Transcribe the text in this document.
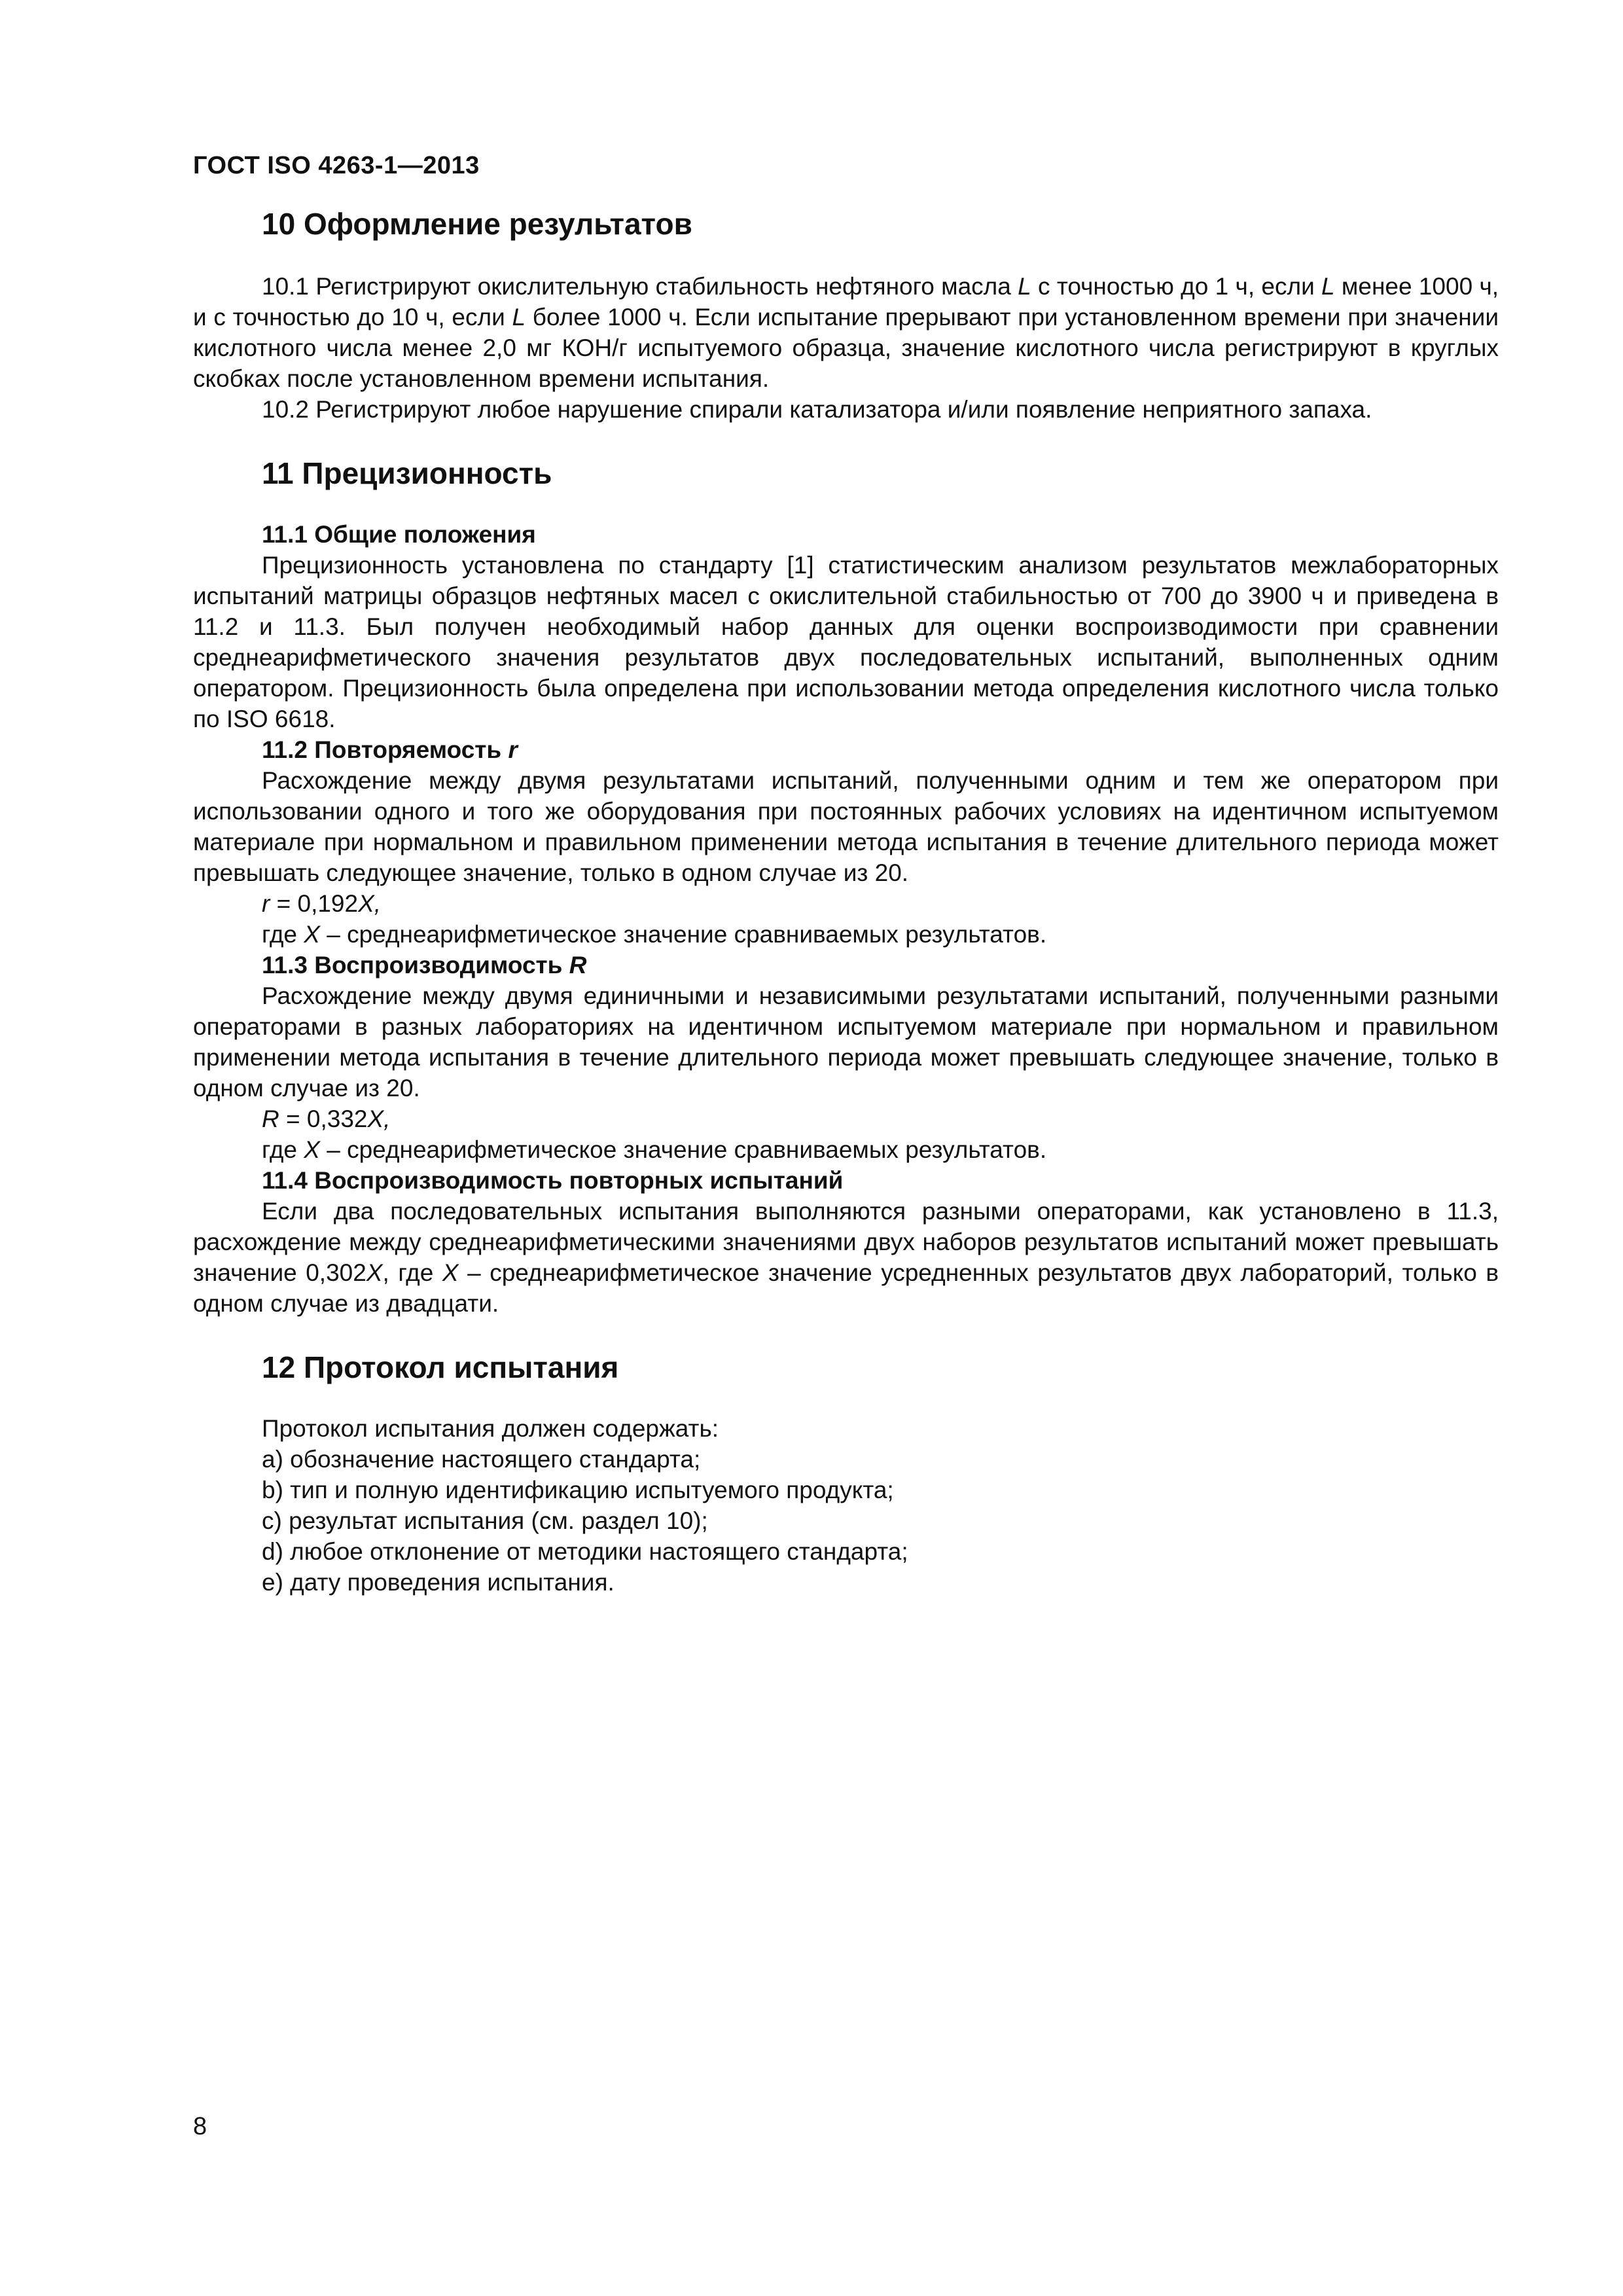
ГОСТ ISO 4263-1—2013
10 Оформление результатов

10.1 Регистрируют окислительную стабильность нефтяного масла L с точностью до 1 ч, если L менее 1000 ч, и с точностью до 10 ч, если L более 1000 ч. Если испытание прерывают при установленном времени при значении кислотного числа менее 2,0 мг КОН/г испытуемого образца, значение кислотного числа регистрируют в круглых скобках после установленном времени испытания.

10.2 Регистрируют любое нарушение спирали катализатора и/или появление неприятного запаха.

11 Прецизионность
11.1 Общие положения

Прецизионность установлена по стандарту [1] статистическим анализом результатов межлабораторных испытаний матрицы образцов нефтяных масел с окислительной стабильностью от 700 до 3900 ч и приведена в 11.2 и 11.3. Был получен необходимый набор данных для оценки воспроизводимости при сравнении среднеарифметического значения результатов двух последовательных испытаний, выполненных одним оператором. Прецизионность была определена при использовании метода определения кислотного числа только по ISO 6618.

11.2 Повторяемость r

Расхождение между двумя результатами испытаний, полученными одним и тем же оператором при использовании одного и того же оборудования при постоянных рабочих условиях на идентичном испытуемом материале при нормальном и правильном применении метода испытания в течение длительного периода может превышать следующее значение, только в одном случае из 20.

r = 0,192X,
где X – среднеарифметическое значение сравниваемых результатов.
11.3 Воспроизводимость R

Расхождение между двумя единичными и независимыми результатами испытаний, полученными разными операторами в разных лабораториях на идентичном испытуемом материале при нормальном и правильном применении метода испытания в течение длительного периода может превышать следующее значение, только в одном случае из 20.

R = 0,332X,
где X – среднеарифметическое значение сравниваемых результатов.
11.4 Воспроизводимость повторных испытаний

Если два последовательных испытания выполняются разными операторами, как установлено в 11.3, расхождение между среднеарифметическими значениями двух наборов результатов испытаний может превышать значение 0,302X, где X – среднеарифметическое значение усредненных результатов двух лабораторий, только в одном случае из двадцати.

12 Протокол испытания
Протокол испытания должен содержать:
a) обозначение настоящего стандарта;
b) тип и полную идентификацию испытуемого продукта;
c) результат испытания (см. раздел 10);
d) любое отклонение от методики настоящего стандарта;
e) дату проведения испытания.
8
